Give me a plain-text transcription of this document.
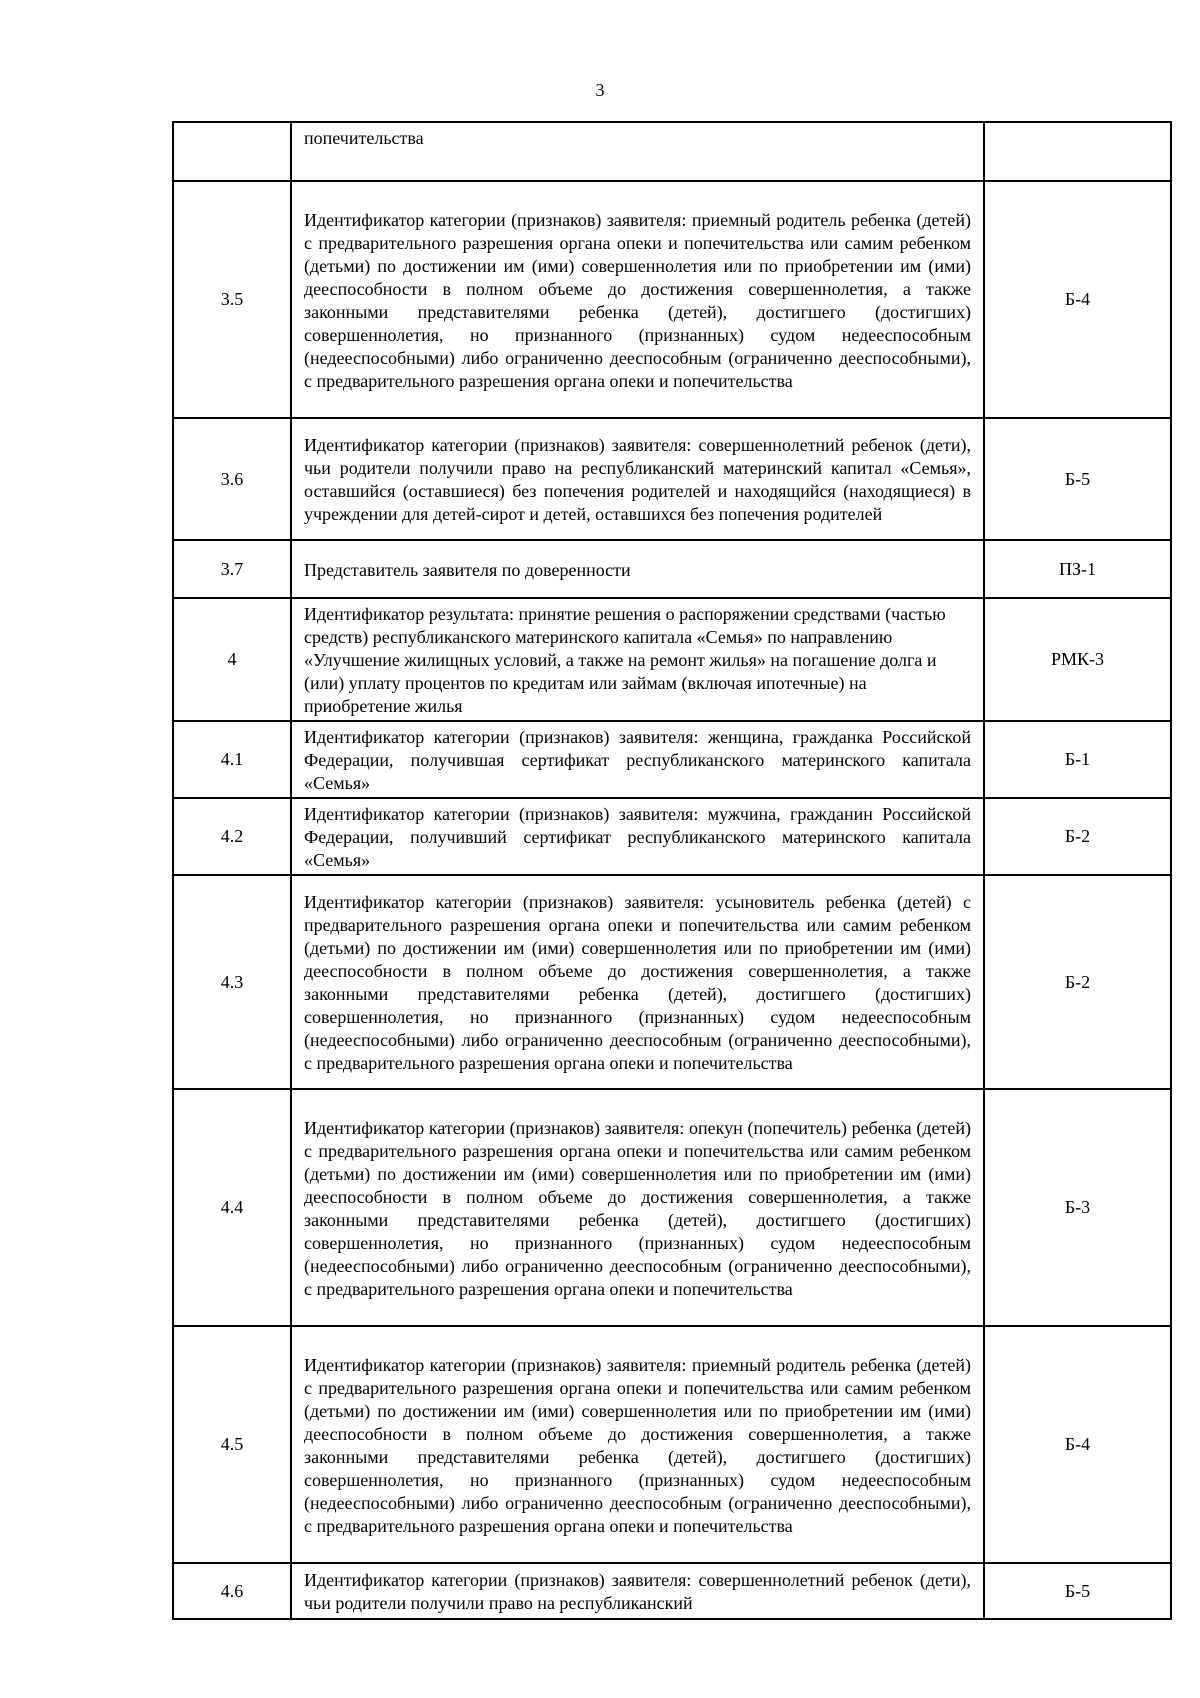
3
	попечительства	
3.5	Идентификатор категории (признаков) заявителя: приемный родитель ребенка (детей) с предварительного разрешения органа опеки и попечительства или самим ребенком (детьми) по достижении им (ими) совершеннолетия или по приобретении им (ими) дееспособности в полном объеме до достижения совершеннолетия, а также законными представителями ребенка (детей), достигшего (достигших) совершеннолетия, но признанного (признанных) судом недееспособным (недееспособными) либо ограниченно дееспособным (ограниченно дееспособными), с предварительного разрешения органа опеки и попечительства	Б-4
3.6	Идентификатор категории (признаков) заявителя: совершеннолетний ребенок (дети), чьи родители получили право на республиканский материнский капитал «Семья», оставшийся (оставшиеся) без попечения родителей и находящийся (находящиеся) в учреждении для детей-сирот и детей, оставшихся без попечения родителей	Б-5
3.7	Представитель заявителя по доверенности	ПЗ-1
4	Идентификатор результата: принятие решения о распоряжении средствами (частью средств) республиканского материнского капитала «Семья» по направлению «Улучшение жилищных условий, а также на ремонт жилья» на погашение долга и (или) уплату процентов по кредитам или займам (включая ипотечные) на приобретение жилья	РМК-3
4.1	Идентификатор категории (признаков) заявителя: женщина, гражданка Российской Федерации, получившая сертификат республиканского материнского капитала «Семья»	Б-1
4.2	Идентификатор категории (признаков) заявителя: мужчина, гражданин Российской Федерации, получивший сертификат республиканского материнского капитала «Семья»	Б-2
4.3	Идентификатор категории (признаков) заявителя: усыновитель ребенка (детей) с предварительного разрешения органа опеки и попечительства или самим ребенком (детьми) по достижении им (ими) совершеннолетия или по приобретении им (ими) дееспособности в полном объеме до достижения совершеннолетия, а также законными представителями ребенка (детей), достигшего (достигших) совершеннолетия, но признанного (признанных) судом недееспособным (недееспособными) либо ограниченно дееспособным (ограниченно дееспособными), с предварительного разрешения органа опеки и попечительства	Б-2
4.4	Идентификатор категории (признаков) заявителя: опекун (попечитель) ребенка (детей) с предварительного разрешения органа опеки и попечительства или самим ребенком (детьми) по достижении им (ими) совершеннолетия или по приобретении им (ими) дееспособности в полном объеме до достижения совершеннолетия, а также законными представителями ребенка (детей), достигшего (достигших) совершеннолетия, но признанного (признанных) судом недееспособным (недееспособными) либо ограниченно дееспособным (ограниченно дееспособными), с предварительного разрешения органа опеки и попечительства	Б-3
4.5	Идентификатор категории (признаков) заявителя: приемный родитель ребенка (детей) с предварительного разрешения органа опеки и попечительства или самим ребенком (детьми) по достижении им (ими) совершеннолетия или по приобретении им (ими) дееспособности в полном объеме до достижения совершеннолетия, а также законными представителями ребенка (детей), достигшего (достигших) совершеннолетия, но признанного (признанных) судом недееспособным (недееспособными) либо ограниченно дееспособным (ограниченно дееспособными), с предварительного разрешения органа опеки и попечительства	Б-4
4.6	Идентификатор категории (признаков) заявителя: совершеннолетний ребенок (дети), чьи родители получили право на республиканский	Б-5
